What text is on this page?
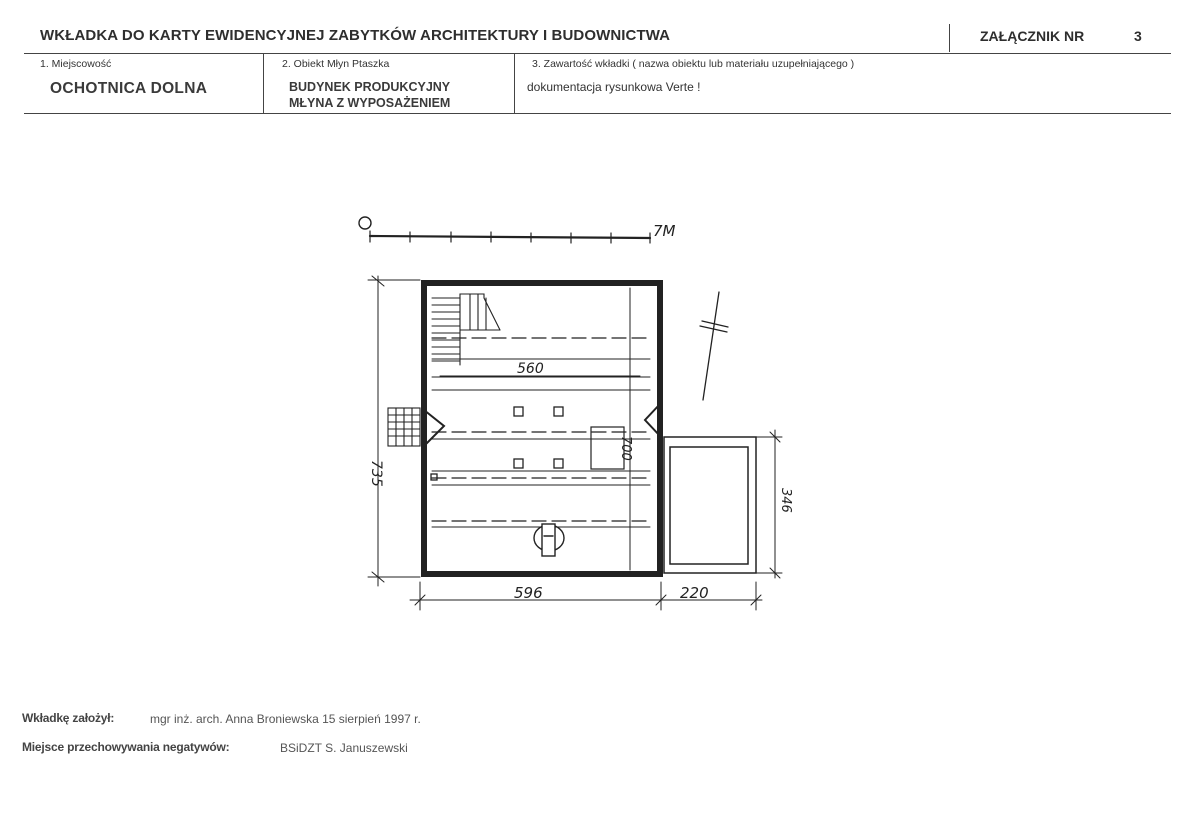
WKŁADKA DO KARTY EWIDENCYJNEJ ZABYTKÓW ARCHITEKTURY I BUDOWNICTWA	ZAŁĄCZNIK NR	3
1. Miejscowość
OCHOTNICA DOLNA
2. Obiekt Młyn Ptaszka
BUDYNEK PRODUKCYJNY
MŁYNA Z WYPOSAŻENIEM
3. Zawartość wkładki ( nazwa obiektu lub materiału uzupełniającego )
dokumentacja rysunkowa Verte !
7M
560
596	220
735
700
346
Wkładkę założył:	mgr inż. arch. Anna Broniewska 15 sierpień 1997 r.
Miejsce przechowywania negatywów:	BSiDZT S. Januszewski
